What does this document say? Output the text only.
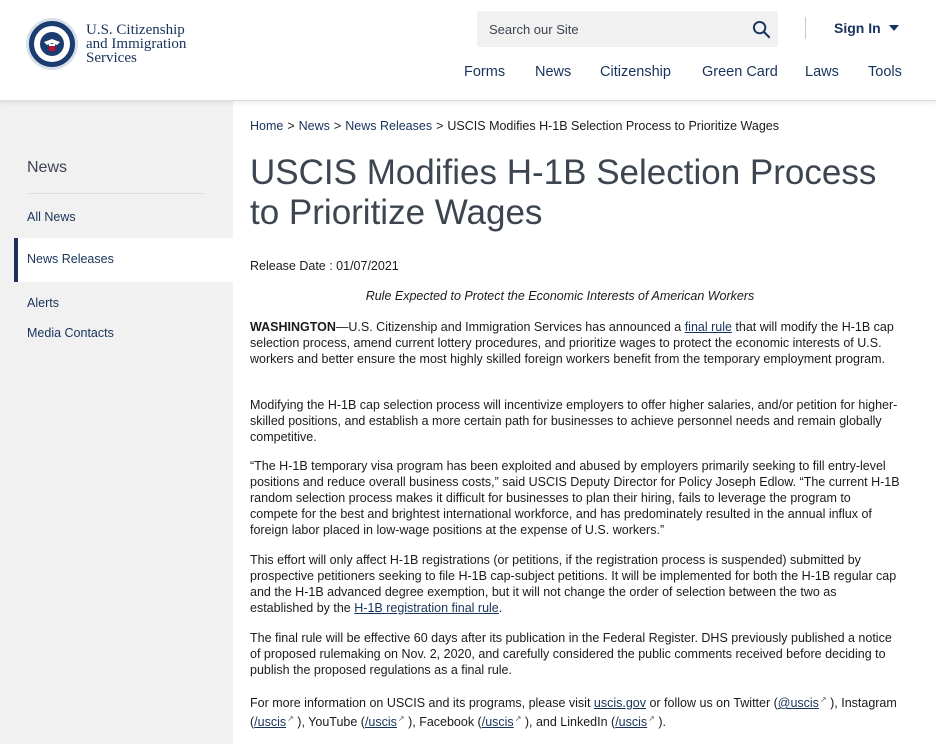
U.S. Citizenship
and Immigration
Services
Search our Site
Sign In
Forms News Citizenship Green Card Laws Tools
News
All News
News Releases
Alerts
Media Contacts
Home > News > News Releases > USCIS Modifies H-1B Selection Process to Prioritize Wages
USCIS Modifies H-1B Selection Process to Prioritize Wages
Release Date : 01/07/2021
Rule Expected to Protect the Economic Interests of American Workers

WASHINGTON—U.S. Citizenship and Immigration Services has announced a final rule that will modify the H-1B cap selection process, amend current lottery procedures, and prioritize wages to protect the economic interests of U.S. workers and better ensure the most highly skilled foreign workers benefit from the temporary employment program.

Modifying the H-1B cap selection process will incentivize employers to offer higher salaries, and/or petition for higher-skilled positions, and establish a more certain path for businesses to achieve personnel needs and remain globally competitive.

“The H-1B temporary visa program has been exploited and abused by employers primarily seeking to fill entry-level positions and reduce overall business costs,” said USCIS Deputy Director for Policy Joseph Edlow. “The current H-1B random selection process makes it difficult for businesses to plan their hiring, fails to leverage the program to compete for the best and brightest international workforce, and has predominately resulted in the annual influx of foreign labor placed in low-wage positions at the expense of U.S. workers.”

This effort will only affect H-1B registrations (or petitions, if the registration process is suspended) submitted by prospective petitioners seeking to file H-1B cap-subject petitions. It will be implemented for both the H-1B regular cap and the H-1B advanced degree exemption, but it will not change the order of selection between the two as established by the H-1B registration final rule.

The final rule will be effective 60 days after its publication in the Federal Register. DHS previously published a notice of proposed rulemaking on Nov. 2, 2020, and carefully considered the public comments received before deciding to publish the proposed regulations as a final rule.

For more information on USCIS and its programs, please visit uscis.gov or follow us on Twitter (@uscis↗ ), Instagram (/uscis↗ ), YouTube (/uscis↗ ), Facebook (/uscis↗ ), and LinkedIn (/uscis↗ ).
